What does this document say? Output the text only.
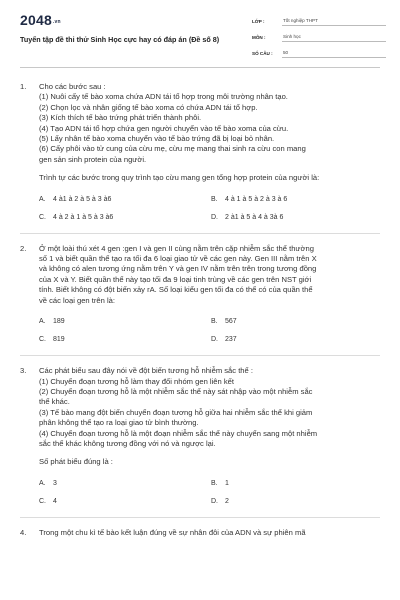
$2048^{.vn}$
Tuyển tập đề thi thử Sinh Học cực hay có đáp án (Đề số 8)
LỚP :	Tốt nghiệp THPT
MÔN :	Sinh học
SỐ CÂU :	50
1. Cho các bước sau :
(1) Nuôi cấy tế bào xoma chứa ADN tái tổ hợp trong môi trường nhân tạo.
(2) Chọn lọc và nhân giống tế bào xoma có chứa ADN tái tổ hợp.
(3) Kích thích tế bào trứng phát triển thành phôi.
(4) Tạo ADN tái tổ hợp chứa gen người chuyển vào tế bào xoma của cừu.
(5) Lấy nhân tế bào xoma chuyển vào tế bào trứng đã bị loại bỏ nhân.
(6) Cấy phôi vào tử cung của cừu mẹ, cừu mẹ mang thai sinh ra cừu con mang
gen sản sinh protein của người.
Trình tự các bước trong quy trình tạo cừu mang gen tổng hợp protein của người là:
A.	4 à1 à 2 à 5 à 3 à6	B.	4 à 1 à 5 à 2 à 3 à 6
C.	4 à 2 à 1 à 5 à 3 à6	D.	2 à1 à 5 à 4 à 3à 6
2. Ở một loài thú xét 4 gen :gen I và gen II cùng nằm trên cặp nhiễm sắc thể thường
số 1 và biết quần thể tạo ra tối đa 6 loại giao tử về các gen này. Gen III nằm trên X
và không có alen tương ứng nằm trên Y và gen IV nằm trên trên trong tương đồng
của X và Y. Biết quần thể này tạo tối đa 9 loại tinh trùng về các gen trên NST giới
tính. Biết không có đột biến xảy rA. Số loại kiểu gen tối đa có thể có của quần thể
về các loại gen trên là:
A.	189	B.	567
C.	819	D.	237
3. Các phát biểu sau đây nói về đột biến tương hỗ nhiễm sắc thể :
(1) Chuyển đoạn tương hỗ làm thay đổi nhóm gen liên kết
(2) Chuyển đoạn tương hỗ là một nhiễm sắc thể này sát nhập vào một nhiễm sắc
thể khác.
(3) Tế bào mang đột biến chuyển đoạn tương hỗ giữa hai nhiễm sắc thể khi giảm
phân không thể tạo ra loại giao tử bình thường.
(4) Chuyển đoạn tương hỗ là một đoạn nhiễm sắc thể này chuyển sang một nhiễm
sắc thể khác không tương đồng với nó và ngược lại.
Số phát biểu đúng là :
A.	3	B.	1
C.	4	D.	2
4. Trong một chu kì tế bào kết luận đúng về sự nhân đôi của ADN và sự phiên mã
